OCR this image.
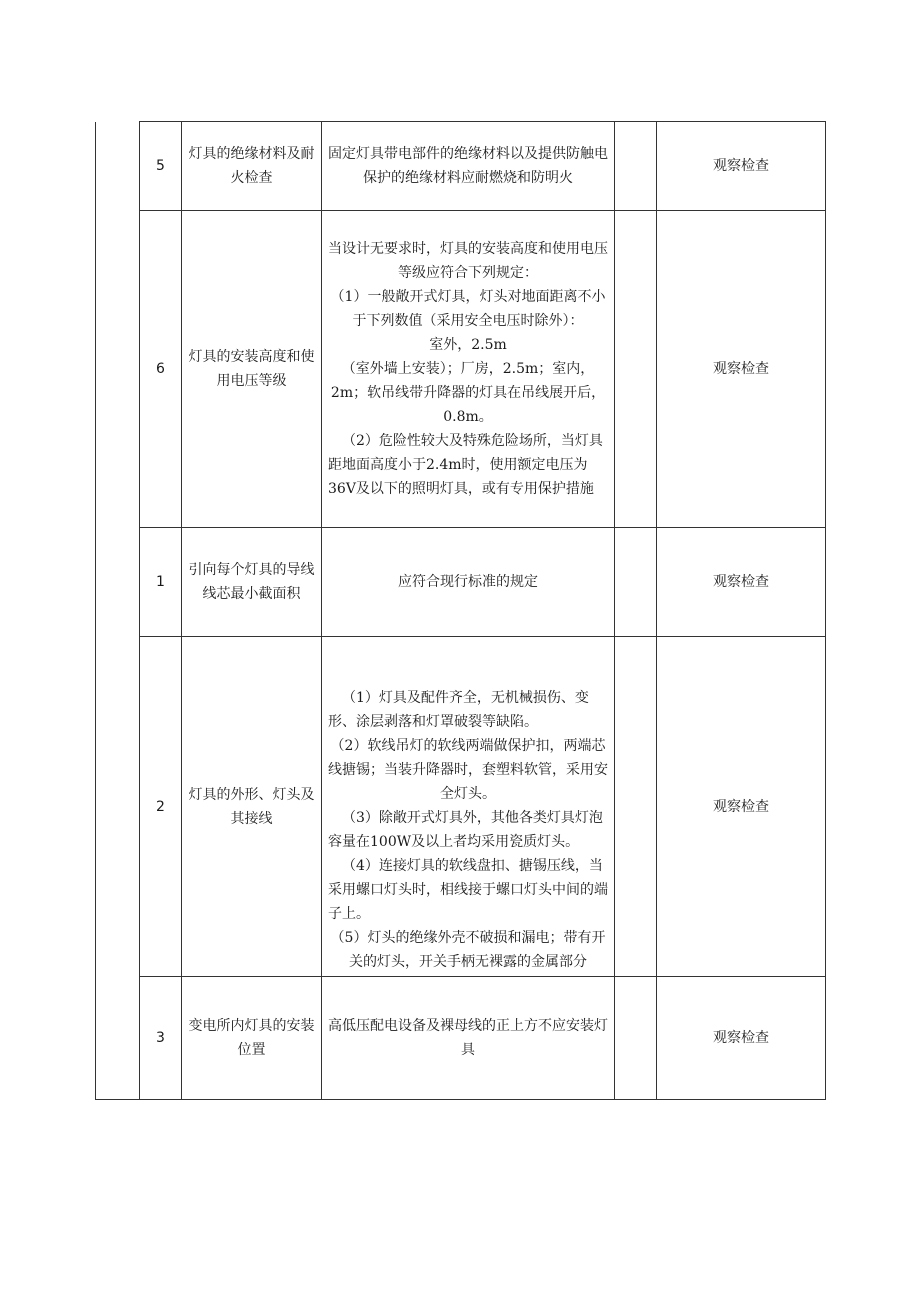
	5	灯具的绝缘材料及耐火检查	固定灯具带电部件的绝缘材料以及提供防触电保护的绝缘材料应耐燃烧和防明火		观察检查
	6	灯具的安装高度和使用电压等级	当设计无要求时，灯具的安装高度和使用电压等级应符合下列规定：

（1）一般敞开式灯具，灯头对地面距离不小于下列数值（采用安全电压时除外）：

室外，2.5m

（室外墙上安装）；厂房，2.5m；室内，2m；软吊线带升降器的灯具在吊线展开后，0.8m。

（2）危险性较大及特殊危险场所，当灯具距地面高度小于2.4m时，使用额定电压为36V及以下的照明灯具，或有专用保护措施		观察检查
	1	引向每个灯具的导线线芯最小截面积	应符合现行标准的规定		观察检查
	2	灯具的外形、灯头及其接线	（1）灯具及配件齐全，无机械损伤、变形、涂层剥落和灯罩破裂等缺陷。

（2）软线吊灯的软线两端做保护扣，两端芯线搪锡；当装升降器时，套塑料软管，采用安全灯头。

（3）除敞开式灯具外，其他各类灯具灯泡容量在100W及以上者均采用瓷质灯头。

（4）连接灯具的软线盘扣、搪锡压线，当采用螺口灯头时，相线接于螺口灯头中间的端子上。

（5）灯头的绝缘外壳不破损和漏电；带有开关的灯头，开关手柄无裸露的金属部分		观察检查
	3	变电所内灯具的安装位置	高低压配电设备及裸母线的正上方不应安装灯具		观察检查
